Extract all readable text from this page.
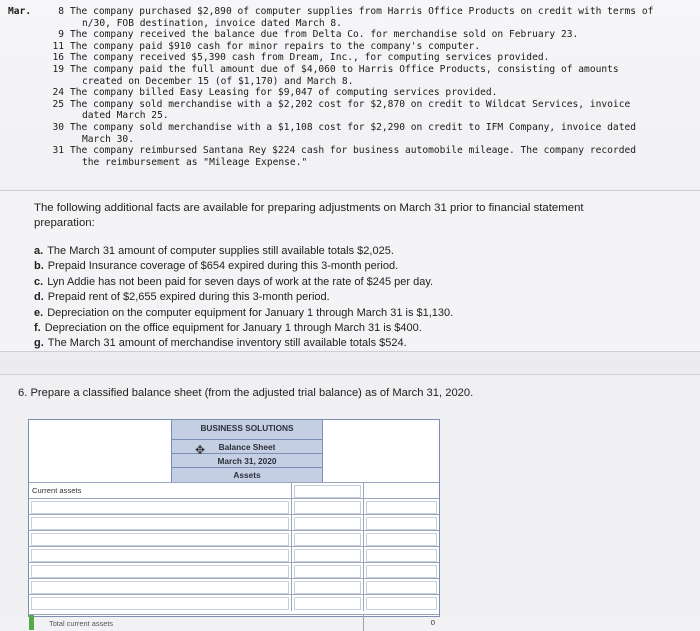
Mar.	8 The company purchased $2,890 of computer supplies from Harris Office Products on credit with terms of
n/30, FOB destination, invoice dated March 8.
9 The company received the balance due from Delta Co. for merchandise sold on February 23.
11 The company paid $910 cash for minor repairs to the company's computer.
16 The company received $5,390 cash from Dream, Inc., for computing services provided.
19 The company paid the full amount due of $4,060 to Harris Office Products, consisting of amounts
created on December 15 (of $1,170) and March 8.
24 The company billed Easy Leasing for $9,047 of computing services provided.
25 The company sold merchandise with a $2,202 cost for $2,870 on credit to Wildcat Services, invoice
dated March 25.
30 The company sold merchandise with a $1,108 cost for $2,290 on credit to IFM Company, invoice dated
March 30.
31 The company reimbursed Santana Rey $224 cash for business automobile mileage. The company recorded
the reimbursement as "Mileage Expense."
The following additional facts are available for preparing adjustments on March 31 prior to financial statement
preparation:
a. The March 31 amount of computer supplies still available totals $2,025.
b. Prepaid Insurance coverage of $654 expired during this 3-month period.
c. Lyn Addie has not been paid for seven days of work at the rate of $245 per day.
d. Prepaid rent of $2,655 expired during this 3-month period.
e. Depreciation on the computer equipment for January 1 through March 31 is $1,130.
f. Depreciation on the office equipment for January 1 through March 31 is $400.
g. The March 31 amount of merchandise inventory still available totals $524.
6. Prepare a classified balance sheet (from the adjusted trial balance) as of March 31, 2020.
BUSINESS SOLUTIONS
Balance Sheet
March 31, 2020
Assets
Current assets
Total current assets	0
✥
